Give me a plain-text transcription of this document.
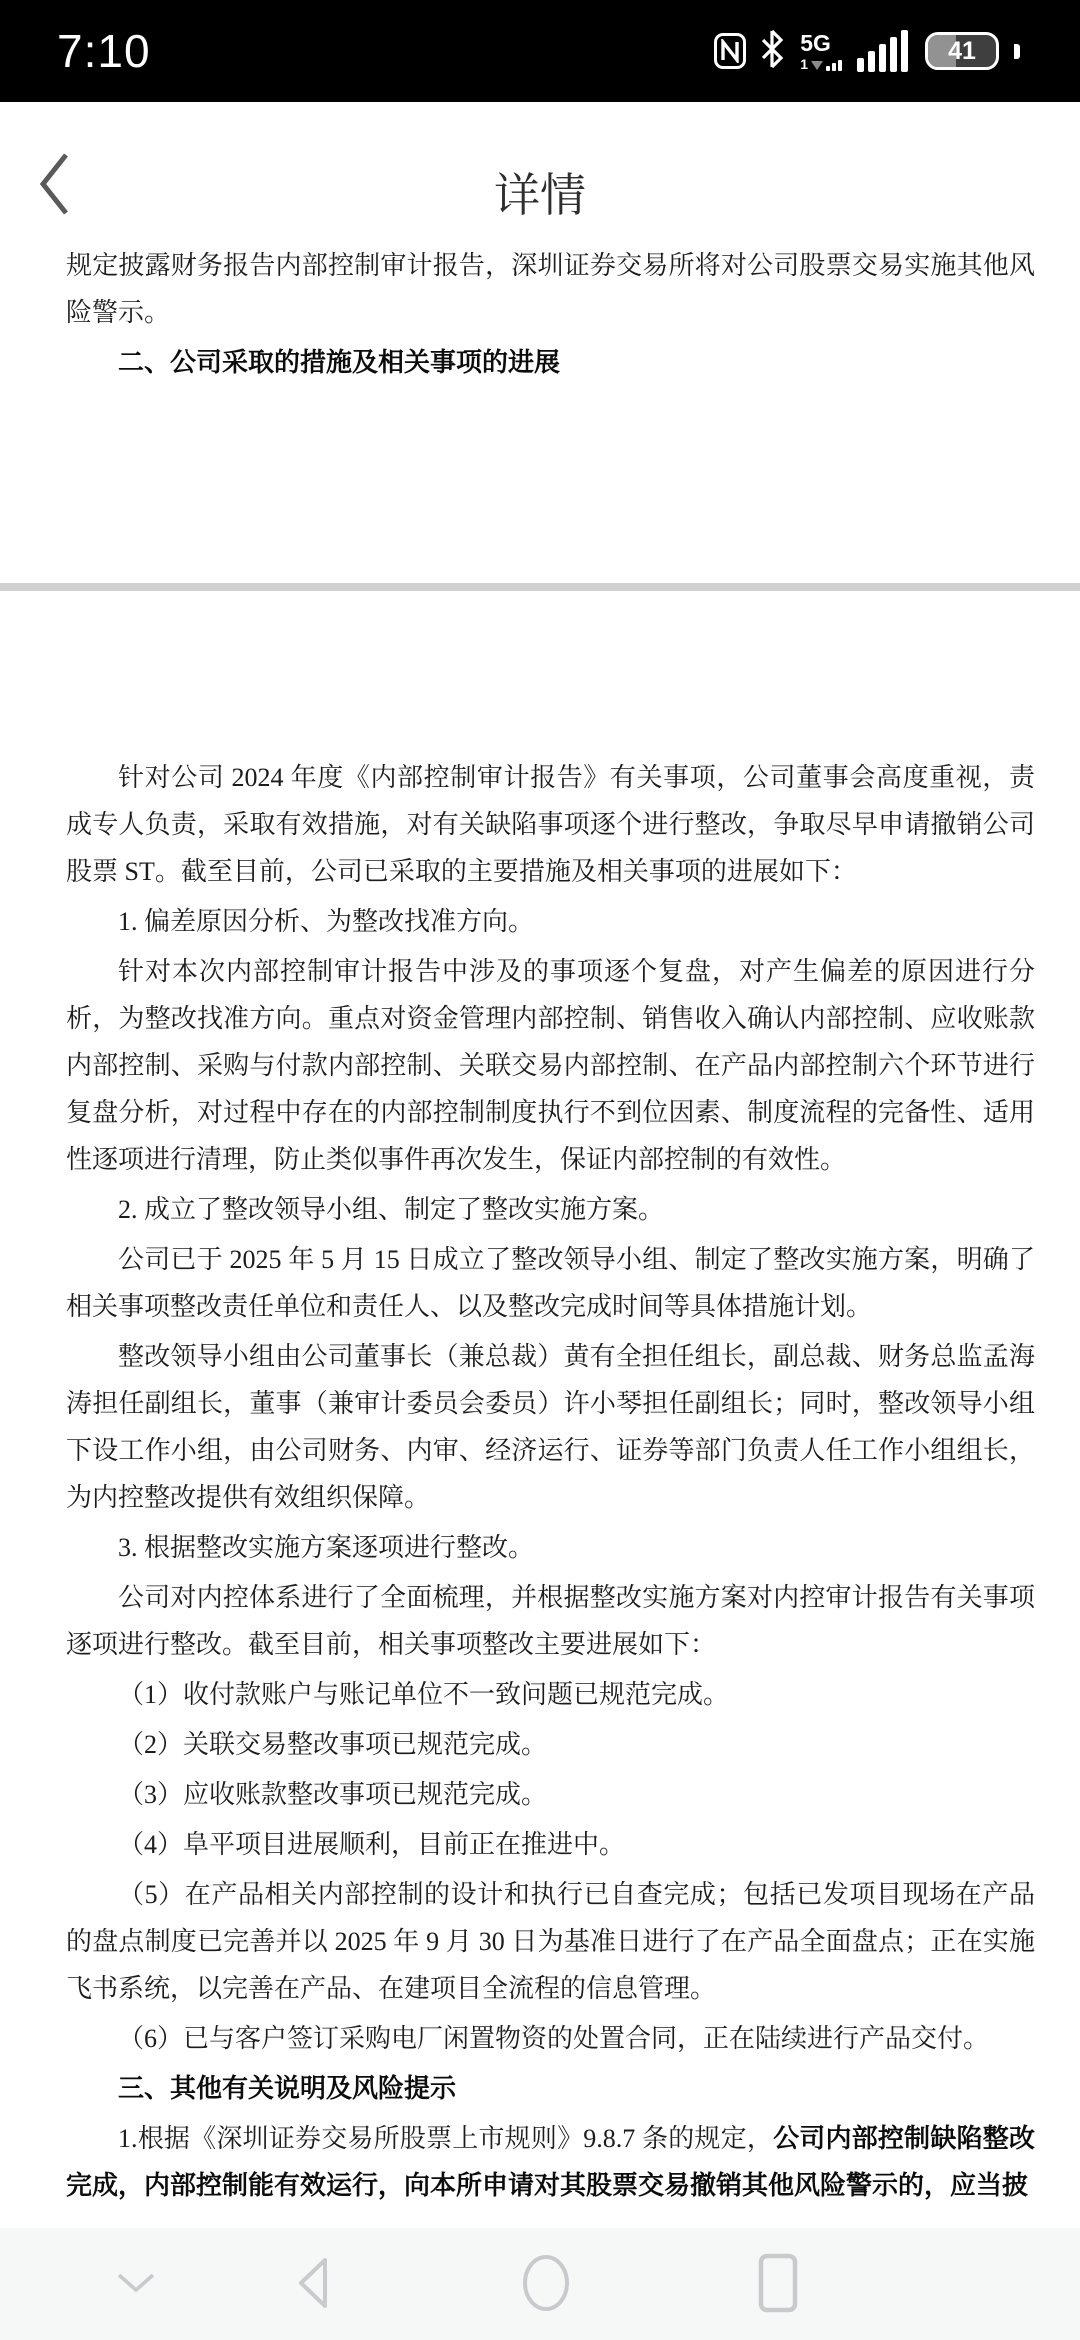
7:10	5G
1	41
详情

规定披露财务报告内部控制审计报告，深圳证券交易所将对公司股票交易实施其他风险警示。

二、公司采取的措施及相关事项的进展

针对公司 2024 年度《内部控制审计报告》有关事项，公司董事会高度重视，责成专人负责，采取有效措施，对有关缺陷事项逐个进行整改，争取尽早申请撤销公司股票 ST。截至目前，公司已采取的主要措施及相关事项的进展如下：

1. 偏差原因分析、为整改找准方向。

针对本次内部控制审计报告中涉及的事项逐个复盘，对产生偏差的原因进行分析，为整改找准方向。重点对资金管理内部控制、销售收入确认内部控制、应收账款内部控制、采购与付款内部控制、关联交易内部控制、在产品内部控制六个环节进行复盘分析，对过程中存在的内部控制制度执行不到位因素、制度流程的完备性、适用性逐项进行清理，防止类似事件再次发生，保证内部控制的有效性。

2. 成立了整改领导小组、制定了整改实施方案。

公司已于 2025 年 5 月 15 日成立了整改领导小组、制定了整改实施方案，明确了相关事项整改责任单位和责任人、以及整改完成时间等具体措施计划。

整改领导小组由公司董事长（兼总裁）黄有全担任组长，副总裁、财务总监孟海涛担任副组长，董事（兼审计委员会委员）许小琴担任副组长；同时，整改领导小组下设工作小组，由公司财务、内审、经济运行、证券等部门负责人任工作小组组长，为内控整改提供有效组织保障。

3. 根据整改实施方案逐项进行整改。

公司对内控体系进行了全面梳理，并根据整改实施方案对内控审计报告有关事项逐项进行整改。截至目前，相关事项整改主要进展如下：

（1）收付款账户与账记单位不一致问题已规范完成。

（2）关联交易整改事项已规范完成。

（3）应收账款整改事项已规范完成。

（4）阜平项目进展顺利，目前正在推进中。

（5）在产品相关内部控制的设计和执行已自查完成；包括已发项目现场在产品的盘点制度已完善并以 2025 年 9 月 30 日为基准日进行了在产品全面盘点；正在实施飞书系统，以完善在产品、在建项目全流程的信息管理。

（6）已与客户签订采购电厂闲置物资的处置合同，正在陆续进行产品交付。

三、其他有关说明及风险提示

1.根据《深圳证券交易所股票上市规则》9.8.7 条的规定，公司内部控制缺陷整改完成，内部控制能有效运行，向本所申请对其股票交易撤销其他风险警示的，应当披
